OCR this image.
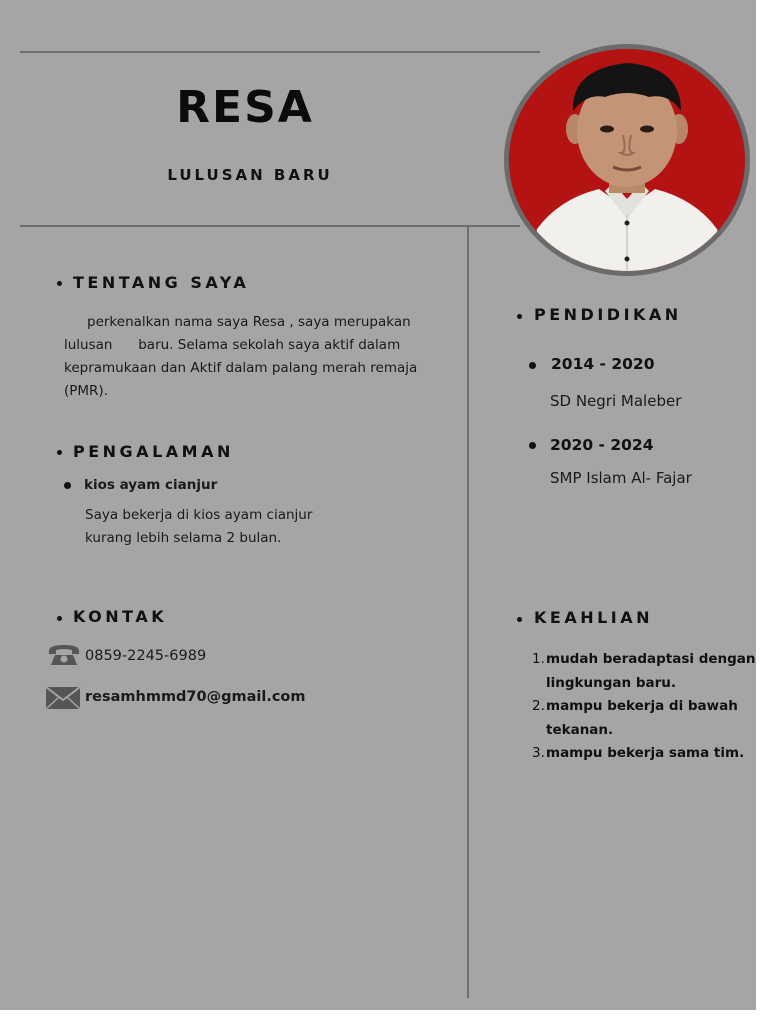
RESA
LULUSAN BARU
TENTANG SAYA
perkenalkan nama saya Resa , saya merupakan
lulusan      baru. Selama sekolah saya aktif dalam
kepramukaan dan Aktif dalam palang merah remaja
(PMR).
PENGALAMAN
kios ayam cianjur
Saya bekerja di kios ayam cianjur
kurang lebih selama 2 bulan.
KONTAK
0859-2245-6989
resamhmmd70@gmail.com
PENDIDIKAN
2014 - 2020
SD Negri Maleber
2020 - 2024
SMP Islam Al- Fajar
KEAHLIAN
1. mudah beradaptasi dengan
lingkungan baru.
2. mampu bekerja di bawah
tekanan.
3. mampu bekerja sama tim.
